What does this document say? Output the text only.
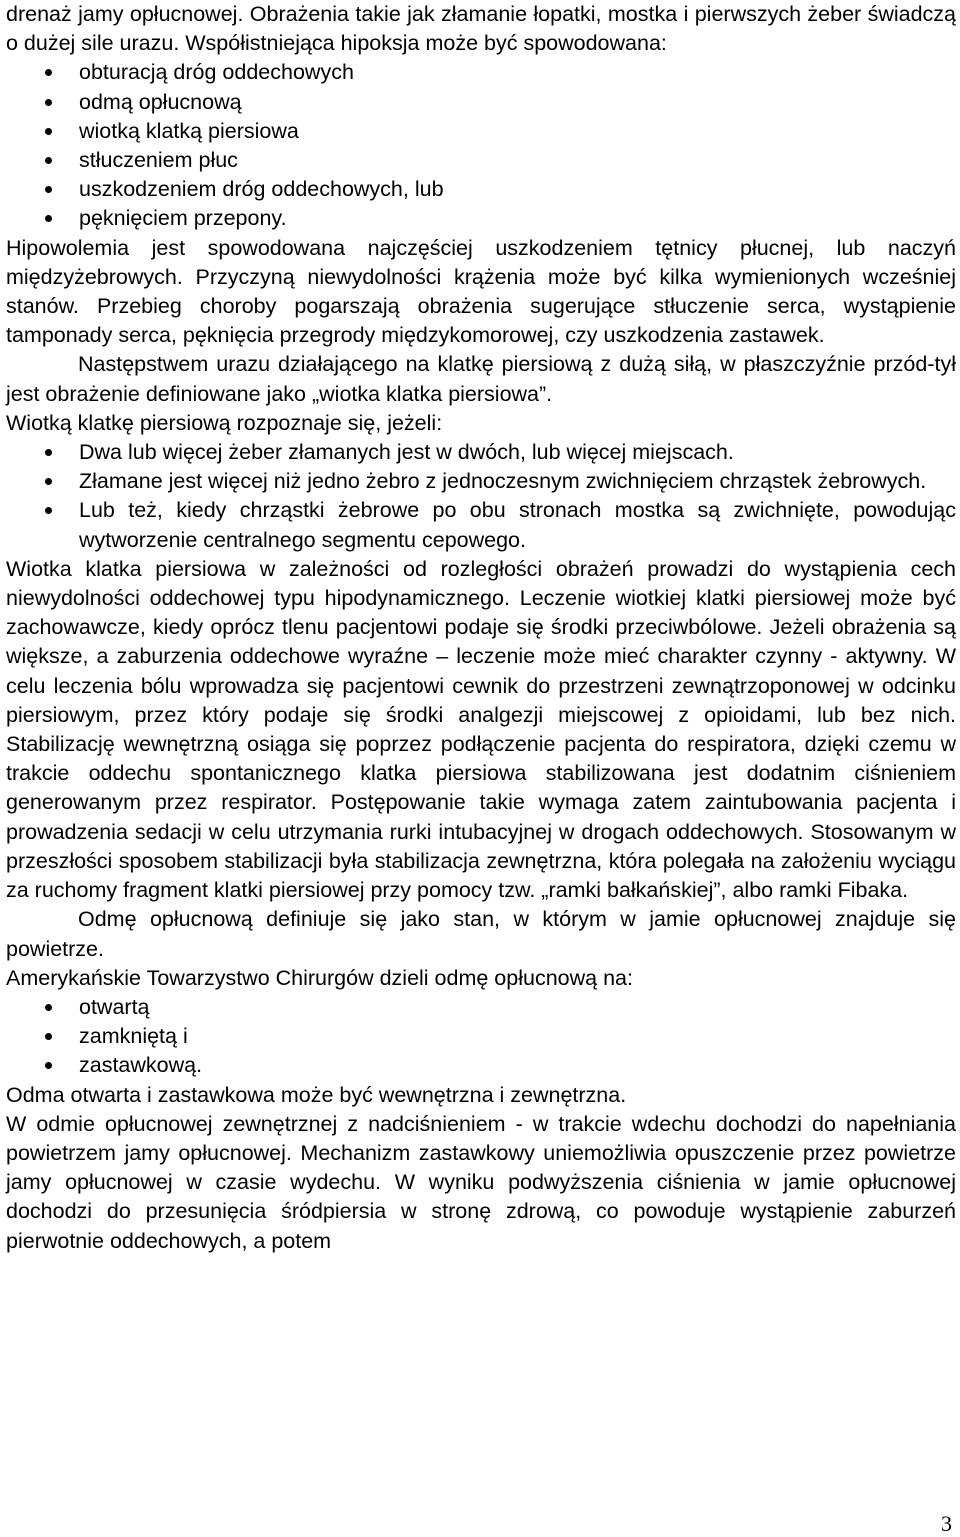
drenaż jamy opłucnowej. Obrażenia takie jak złamanie łopatki, mostka i pierwszych żeber świadczą o dużej sile urazu. Współistniejąca hipoksja może być spowodowana:

obturacją dróg oddechowych
odmą opłucnową
wiotką klatką piersiowa
stłuczeniem płuc
uszkodzeniem dróg oddechowych, lub
pęknięciem przepony.

Hipowolemia jest spowodowana najczęściej uszkodzeniem tętnicy płucnej, lub naczyń międzyżebrowych. Przyczyną niewydolności krążenia może być kilka wymienionych wcześniej stanów. Przebieg choroby pogarszają obrażenia sugerujące stłuczenie serca, wystąpienie tamponady serca, pęknięcia przegrody międzykomorowej, czy uszkodzenia zastawek.

Następstwem urazu działającego na klatkę piersiową z dużą siłą, w płaszczyźnie przód-tył jest obrażenie definiowane jako „wiotka klatka piersiowa”.

Wiotką klatkę piersiową rozpoznaje się, jeżeli:

Dwa lub więcej żeber złamanych jest w dwóch, lub więcej miejscach.
Złamane jest więcej niż jedno żebro z jednoczesnym zwichnięciem chrząstek żebrowych.
Lub też, kiedy chrząstki żebrowe po obu stronach mostka są zwichnięte, powodując wytworzenie centralnego segmentu cepowego.

Wiotka klatka piersiowa w zależności od rozległości obrażeń prowadzi do wystąpienia cech niewydolności oddechowej typu hipodynamicznego. Leczenie wiotkiej klatki piersiowej może być zachowawcze, kiedy oprócz tlenu pacjentowi podaje się środki przeciwbólowe. Jeżeli obrażenia są większe, a zaburzenia oddechowe wyraźne – leczenie może mieć charakter czynny - aktywny. W celu leczenia bólu wprowadza się pacjentowi cewnik do przestrzeni zewnątrzoponowej w odcinku piersiowym, przez który podaje się środki analgezji miejscowej z opioidami, lub bez nich. Stabilizację wewnętrzną osiąga się poprzez podłączenie pacjenta do respiratora, dzięki czemu w trakcie oddechu spontanicznego klatka piersiowa stabilizowana jest dodatnim ciśnieniem generowanym przez respirator. Postępowanie takie wymaga zatem zaintubowania pacjenta i prowadzenia sedacji w celu utrzymania rurki intubacyjnej w drogach oddechowych. Stosowanym w przeszłości sposobem stabilizacji była stabilizacja zewnętrzna, która polegała na założeniu wyciągu za ruchomy fragment klatki piersiowej przy pomocy tzw. „ramki bałkańskiej”, albo ramki Fibaka.

Odmę opłucnową definiuje się jako stan, w którym w jamie opłucnowej znajduje się powietrze.

Amerykańskie Towarzystwo Chirurgów dzieli odmę opłucnową na:

otwartą
zamkniętą i
zastawkową.

Odma otwarta i zastawkowa może być wewnętrzna i zewnętrzna.

W odmie opłucnowej zewnętrznej z nadciśnieniem - w trakcie wdechu dochodzi do napełniania powietrzem jamy opłucnowej. Mechanizm zastawkowy uniemożliwia opuszczenie przez powietrze jamy opłucnowej w czasie wydechu. W wyniku podwyższenia ciśnienia w jamie opłucnowej dochodzi do przesunięcia śródpiersia w stronę zdrową, co powoduje wystąpienie zaburzeń pierwotnie oddechowych, a potem

3
